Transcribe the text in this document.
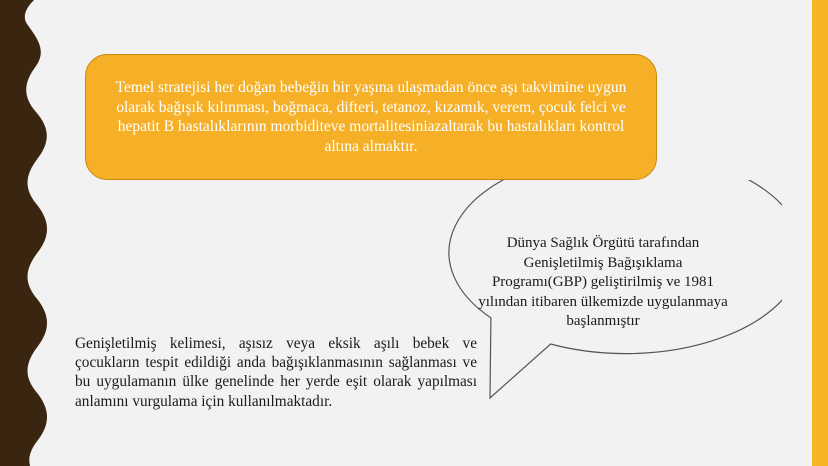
Temel stratejisi her doğan bebeğin bir yaşına ulaşmadan önce aşı takvimine uygun olarak bağışık kılınması, boğmaca, difteri, tetanoz, kızamık, verem, çocuk felci ve hepatit B hastalıklarının morbiditeve mortalitesiniazaltarak bu hastalıkları kontrol altına almaktır.
Dünya Sağlık Örgütü tarafından Genişletilmiş Bağışıklama Programı(GBP) geliştirilmiş ve 1981 yılından itibaren ülkemizde uygulanmaya başlanmıştır
Genişletilmiş kelimesi, aşısız veya eksik aşılı bebek ve çocukların tespit edildiği anda bağışıklanmasının sağlanması ve bu uygulamanın ülke genelinde her yerde eşit olarak yapılması anlamını vurgulama için kullanılmaktadır.
